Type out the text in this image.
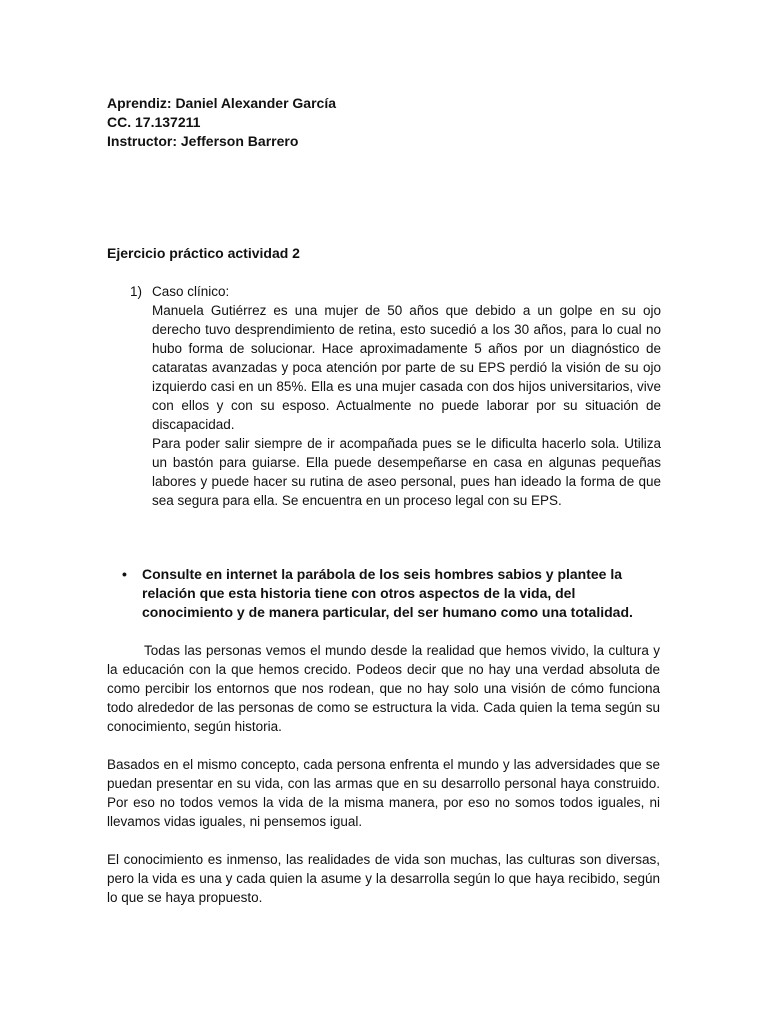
Aprendiz: Daniel Alexander García
CC. 17.137211
Instructor: Jefferson Barrero
Ejercicio práctico actividad 2
1) Caso clínico:
Manuela Gutiérrez es una mujer de 50 años que debido a un golpe en su ojo derecho tuvo desprendimiento de retina, esto sucedió a los 30 años, para lo cual no hubo forma de solucionar. Hace aproximadamente 5 años por un diagnóstico de cataratas avanzadas y poca atención por parte de su EPS perdió la visión de su ojo izquierdo casi en un 85%. Ella es una mujer casada con dos hijos universitarios, vive con ellos y con su esposo. Actualmente no puede laborar por su situación de discapacidad.
Para poder salir siempre de ir acompañada pues se le dificulta hacerlo sola. Utiliza un bastón para guiarse. Ella puede desempeñarse en casa en algunas pequeñas labores y puede hacer su rutina de aseo personal, pues han ideado la forma de que sea segura para ella. Se encuentra en un proceso legal con su EPS.
• Consulte en internet la parábola de los seis hombres sabios y plantee la relación que esta historia tiene con otros aspectos de la vida, del conocimiento y de manera particular, del ser humano como una totalidad.
Todas las personas vemos el mundo desde la realidad que hemos vivido, la cultura y la educación con la que hemos crecido. Podeos decir que no hay una verdad absoluta de como percibir los entornos que nos rodean, que no hay solo una visión de cómo funciona todo alrededor de las personas de como se estructura la vida. Cada quien la tema según su conocimiento, según historia.
Basados en el mismo concepto, cada persona enfrenta el mundo y las adversidades que se puedan presentar en su vida, con las armas que en su desarrollo personal haya construido. Por eso no todos vemos la vida de la misma manera, por eso no somos todos iguales, ni llevamos vidas iguales, ni pensemos igual.
El conocimiento es inmenso, las realidades de vida son muchas, las culturas son diversas, pero la vida es una y cada quien la asume y la desarrolla según lo que haya recibido, según lo que se haya propuesto.
